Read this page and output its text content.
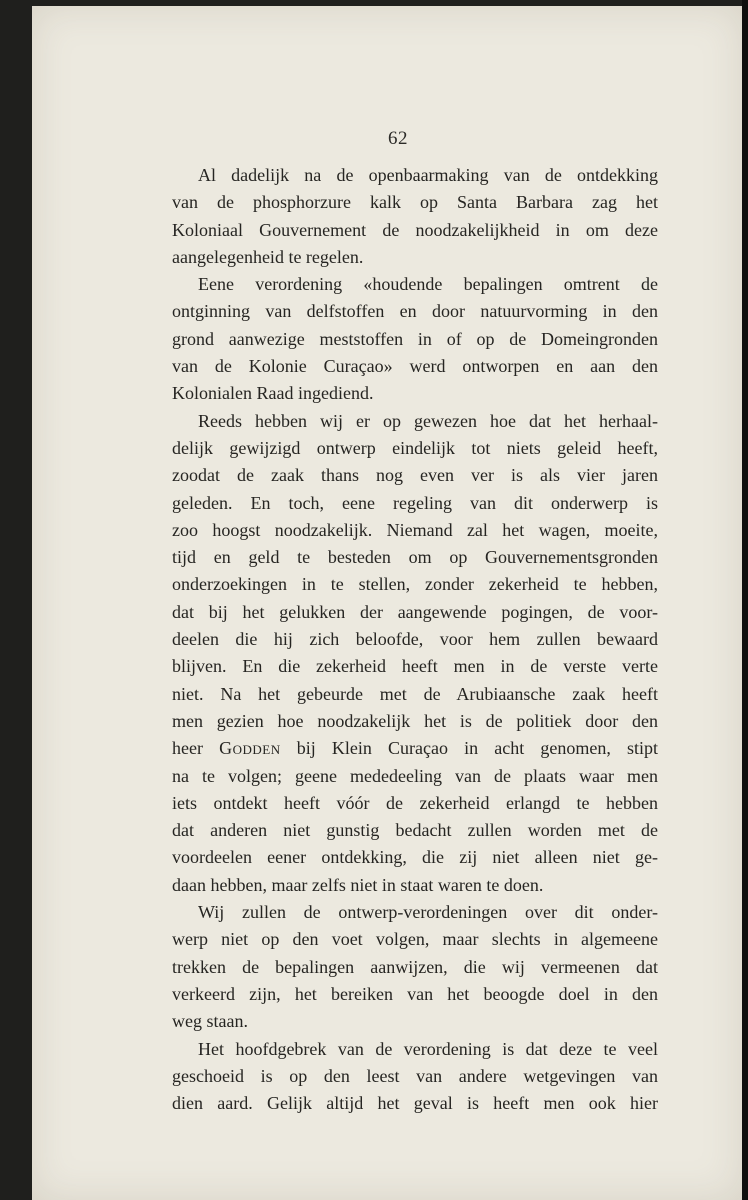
62
Al dadelijk na de openbaarmaking van de ontdekking
van de phosphorzure kalk op Santa Barbara zag het
Koloniaal Gouvernement de noodzakelijkheid in om deze
aangelegenheid te regelen.
Eene verordening «houdende bepalingen omtrent de
ontginning van delfstoffen en door natuurvorming in den
grond aanwezige meststoffen in of op de Domeingronden
van de Kolonie Curaçao» werd ontworpen en aan den
Kolonialen Raad ingediend.
Reeds hebben wij er op gewezen hoe dat het herhaal-
delijk gewijzigd ontwerp eindelijk tot niets geleid heeft,
zoodat de zaak thans nog even ver is als vier jaren
geleden. En toch, eene regeling van dit onderwerp is
zoo hoogst noodzakelijk. Niemand zal het wagen, moeite,
tijd en geld te besteden om op Gouvernementsgronden
onderzoekingen in te stellen, zonder zekerheid te hebben,
dat bij het gelukken der aangewende pogingen, de voor-
deelen die hij zich beloofde, voor hem zullen bewaard
blijven. En die zekerheid heeft men in de verste verte
niet. Na het gebeurde met de Arubiaansche zaak heeft
men gezien hoe noodzakelijk het is de politiek door den
heer Godden bij Klein Curaçao in acht genomen, stipt
na te volgen; geene mededeeling van de plaats waar men
iets ontdekt heeft vóór de zekerheid erlangd te hebben
dat anderen niet gunstig bedacht zullen worden met de
voordeelen eener ontdekking, die zij niet alleen niet ge-
daan hebben, maar zelfs niet in staat waren te doen.
Wij zullen de ontwerp-verordeningen over dit onder-
werp niet op den voet volgen, maar slechts in algemeene
trekken de bepalingen aanwijzen, die wij vermeenen dat
verkeerd zijn, het bereiken van het beoogde doel in den
weg staan.
Het hoofdgebrek van de verordening is dat deze te veel
geschoeid is op den leest van andere wetgevingen van
dien aard. Gelijk altijd het geval is heeft men ook hier
